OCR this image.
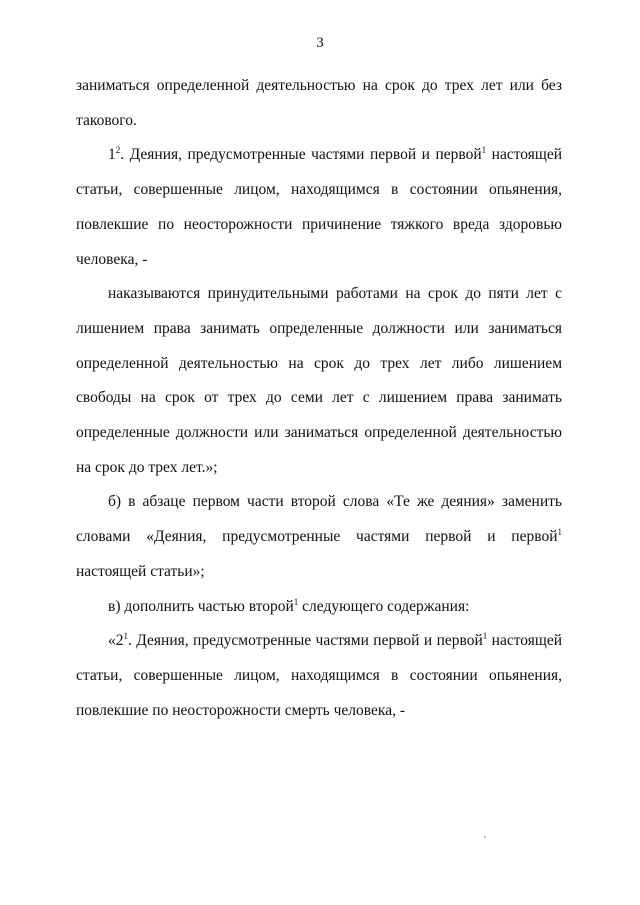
3

заниматься определенной деятельностью на срок до трех лет или без такового.

$1^2$. Деяния, предусмотренные частями первой и первой$^1$ настоящей статьи, совершенные лицом, находящимся в состоянии опьянения, повлекшие по неосторожности причинение тяжкого вреда здоровью человека, -

наказываются принудительными работами на срок до пяти лет с лишением права занимать определенные должности или заниматься определенной деятельностью на срок до трех лет либо лишением свободы на срок от трех до семи лет с лишением права занимать определенные должности или заниматься определенной деятельностью на срок до трех лет.»;

б) в абзаце первом части второй слова «Те же деяния» заменить словами «Деяния, предусмотренные частями первой и первой$^1$ настоящей статьи»;

в) дополнить частью второй$^1$ следующего содержания:

«$2^1$. Деяния, предусмотренные частями первой и первой$^1$ настоящей статьи, совершенные лицом, находящимся в состоянии опьянения, повлекшие по неосторожности смерть человека, -
